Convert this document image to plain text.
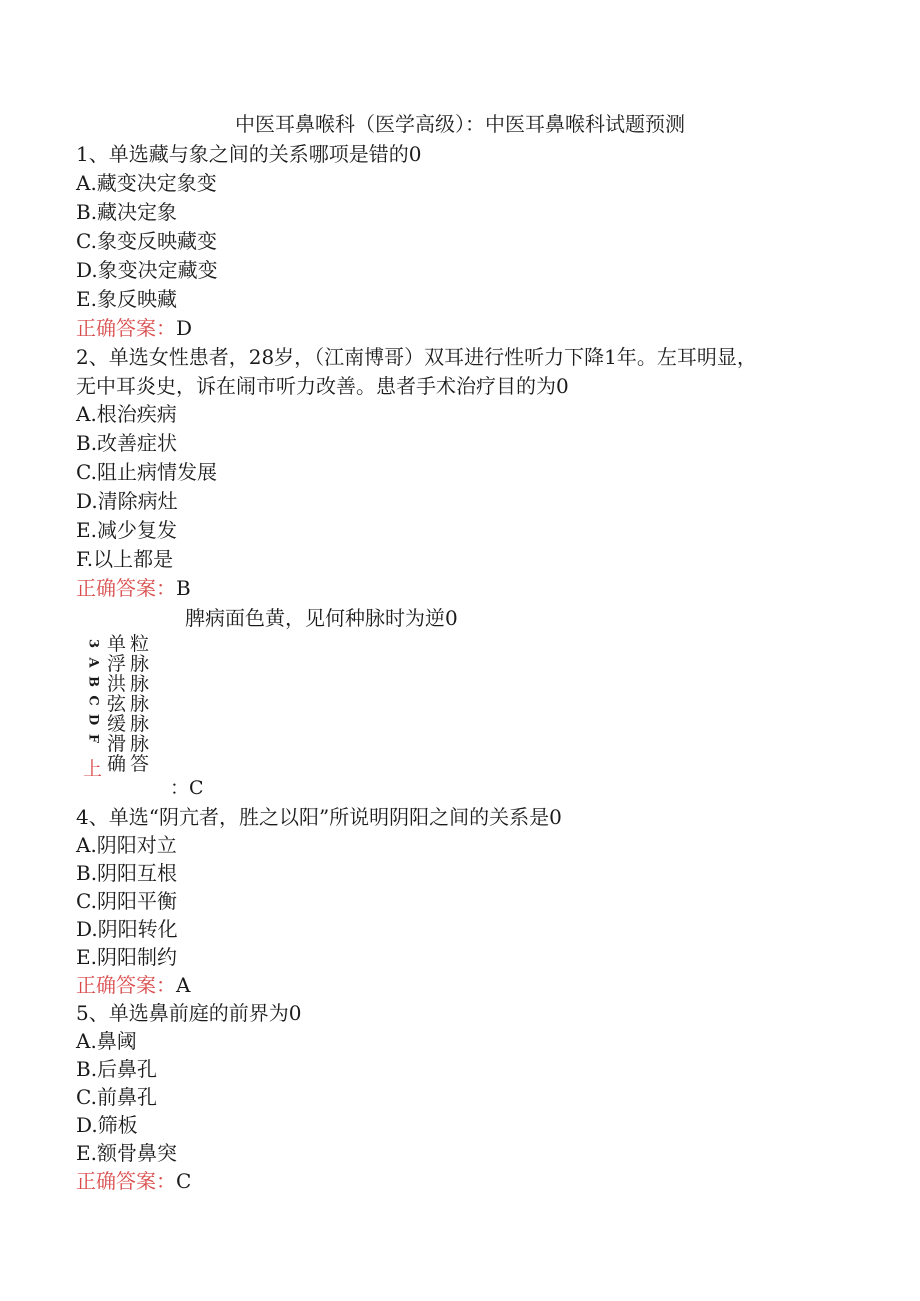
中医耳鼻喉科（医学高级）：中医耳鼻喉科试题预测
1、单选藏与象之间的关系哪项是错的0
A.藏变决定象变
B.藏决定象
C.象变反映藏变
D.象变决定藏变
E.象反映藏
正确答案：D
2、单选女性患者，28岁，（江南博哥）双耳进行性听力下降1年。左耳明显，
无中耳炎史，诉在闹市听力改善。患者手术治疗目的为0
A.根治疾病
B.改善症状
C.阻止病情发展
D.清除病灶
E.减少复发
F.以上都是
正确答案：B
脾病面色黄，见何种脉时为逆0
3
A
B
C
D
F
单
浮
洪
弦
缓
滑
确
粒
脉
脉
脉
脉
脉
答
上
：C
4、单选“阴亢者，胜之以阳”所说明阴阳之间的关系是0
A.阴阳对立
B.阴阳互根
C.阴阳平衡
D.阴阳转化
E.阴阳制约
正确答案：A
5、单选鼻前庭的前界为0
A.鼻阈
B.后鼻孔
C.前鼻孔
D.筛板
E.额骨鼻突
正确答案：C
